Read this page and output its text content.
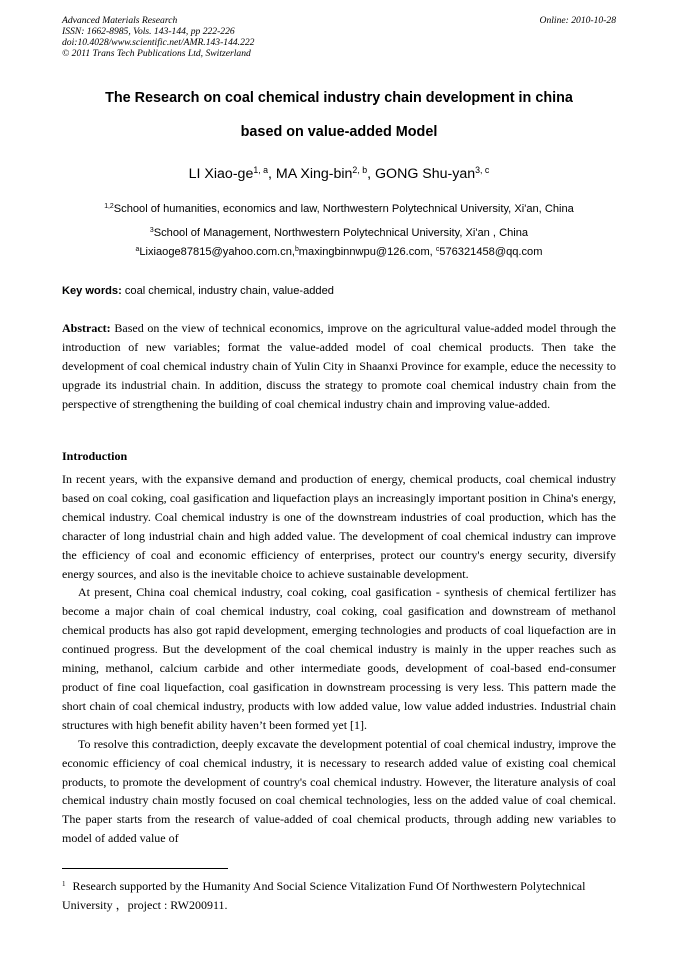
Advanced Materials Research
ISSN: 1662-8985, Vols. 143-144, pp 222-226
doi:10.4028/www.scientific.net/AMR.143-144.222
© 2011 Trans Tech Publications Ltd, Switzerland
Online: 2010-10-28
The Research on coal chemical industry chain development in china
based on value-added Model
LI Xiao-ge$^{1, a}$, MA Xing-bin$^{2, b}$, GONG Shu-yan$^{3, c}$
$^{1,2}$School of humanities, economics and law, Northwestern Polytechnical University, Xi'an, China
$^3$School of Management, Northwestern Polytechnical University, Xi'an , China
$^a$Lixiaoge87815@yahoo.com.cn,$^b$maxingbinnwpu@126.com, $^c$576321458@qq.com
Key words: coal chemical, industry chain, value-added

Abstract: Based on the view of technical economics, improve on the agricultural value-added model through the introduction of new variables; format the value-added model of coal chemical products. Then take the development of coal chemical industry chain of Yulin City in Shaanxi Province for example, educe the necessity to upgrade its industrial chain. In addition, discuss the strategy to promote coal chemical industry chain from the perspective of strengthening the building of coal chemical industry chain and improving value-added.

Introduction

In recent years, with the expansive demand and production of energy, chemical products, coal chemical industry based on coal coking, coal gasification and liquefaction plays an increasingly important position in China's energy, chemical industry. Coal chemical industry is one of the downstream industries of coal production, which has the character of long industrial chain and high added value. The development of coal chemical industry can improve the efficiency of coal and economic efficiency of enterprises, protect our country's energy security, diversify energy sources, and also is the inevitable choice to achieve sustainable development.

At present, China coal chemical industry, coal coking, coal gasification - synthesis of chemical fertilizer has become a major chain of coal chemical industry, coal coking, coal gasification and downstream of methanol chemical products has also got rapid development, emerging technologies and products of coal liquefaction are in continued progress. But the development of the coal chemical industry is mainly in the upper reaches such as mining, methanol, calcium carbide and other intermediate goods, development of coal-based end-consumer product of fine coal liquefaction, coal gasification in downstream processing is very less. This pattern made the short chain of coal chemical industry, products with low added value, low value added industries. Industrial chain structures with high benefit ability haven’t been formed yet [1].

To resolve this contradiction, deeply excavate the development potential of coal chemical industry, improve the economic efficiency of coal chemical industry, it is necessary to research added value of existing coal chemical products, to promote the development of country's coal chemical industry. However, the literature analysis of coal chemical industry chain mostly focused on coal chemical technologies, less on the added value of coal chemical. The paper starts from the research of value-added of coal chemical products, through adding new variables to model of added value of

$^1$ Research supported by the Humanity And Social Science Vitalization Fund Of Northwestern Polytechnical University ，project : RW200911.
